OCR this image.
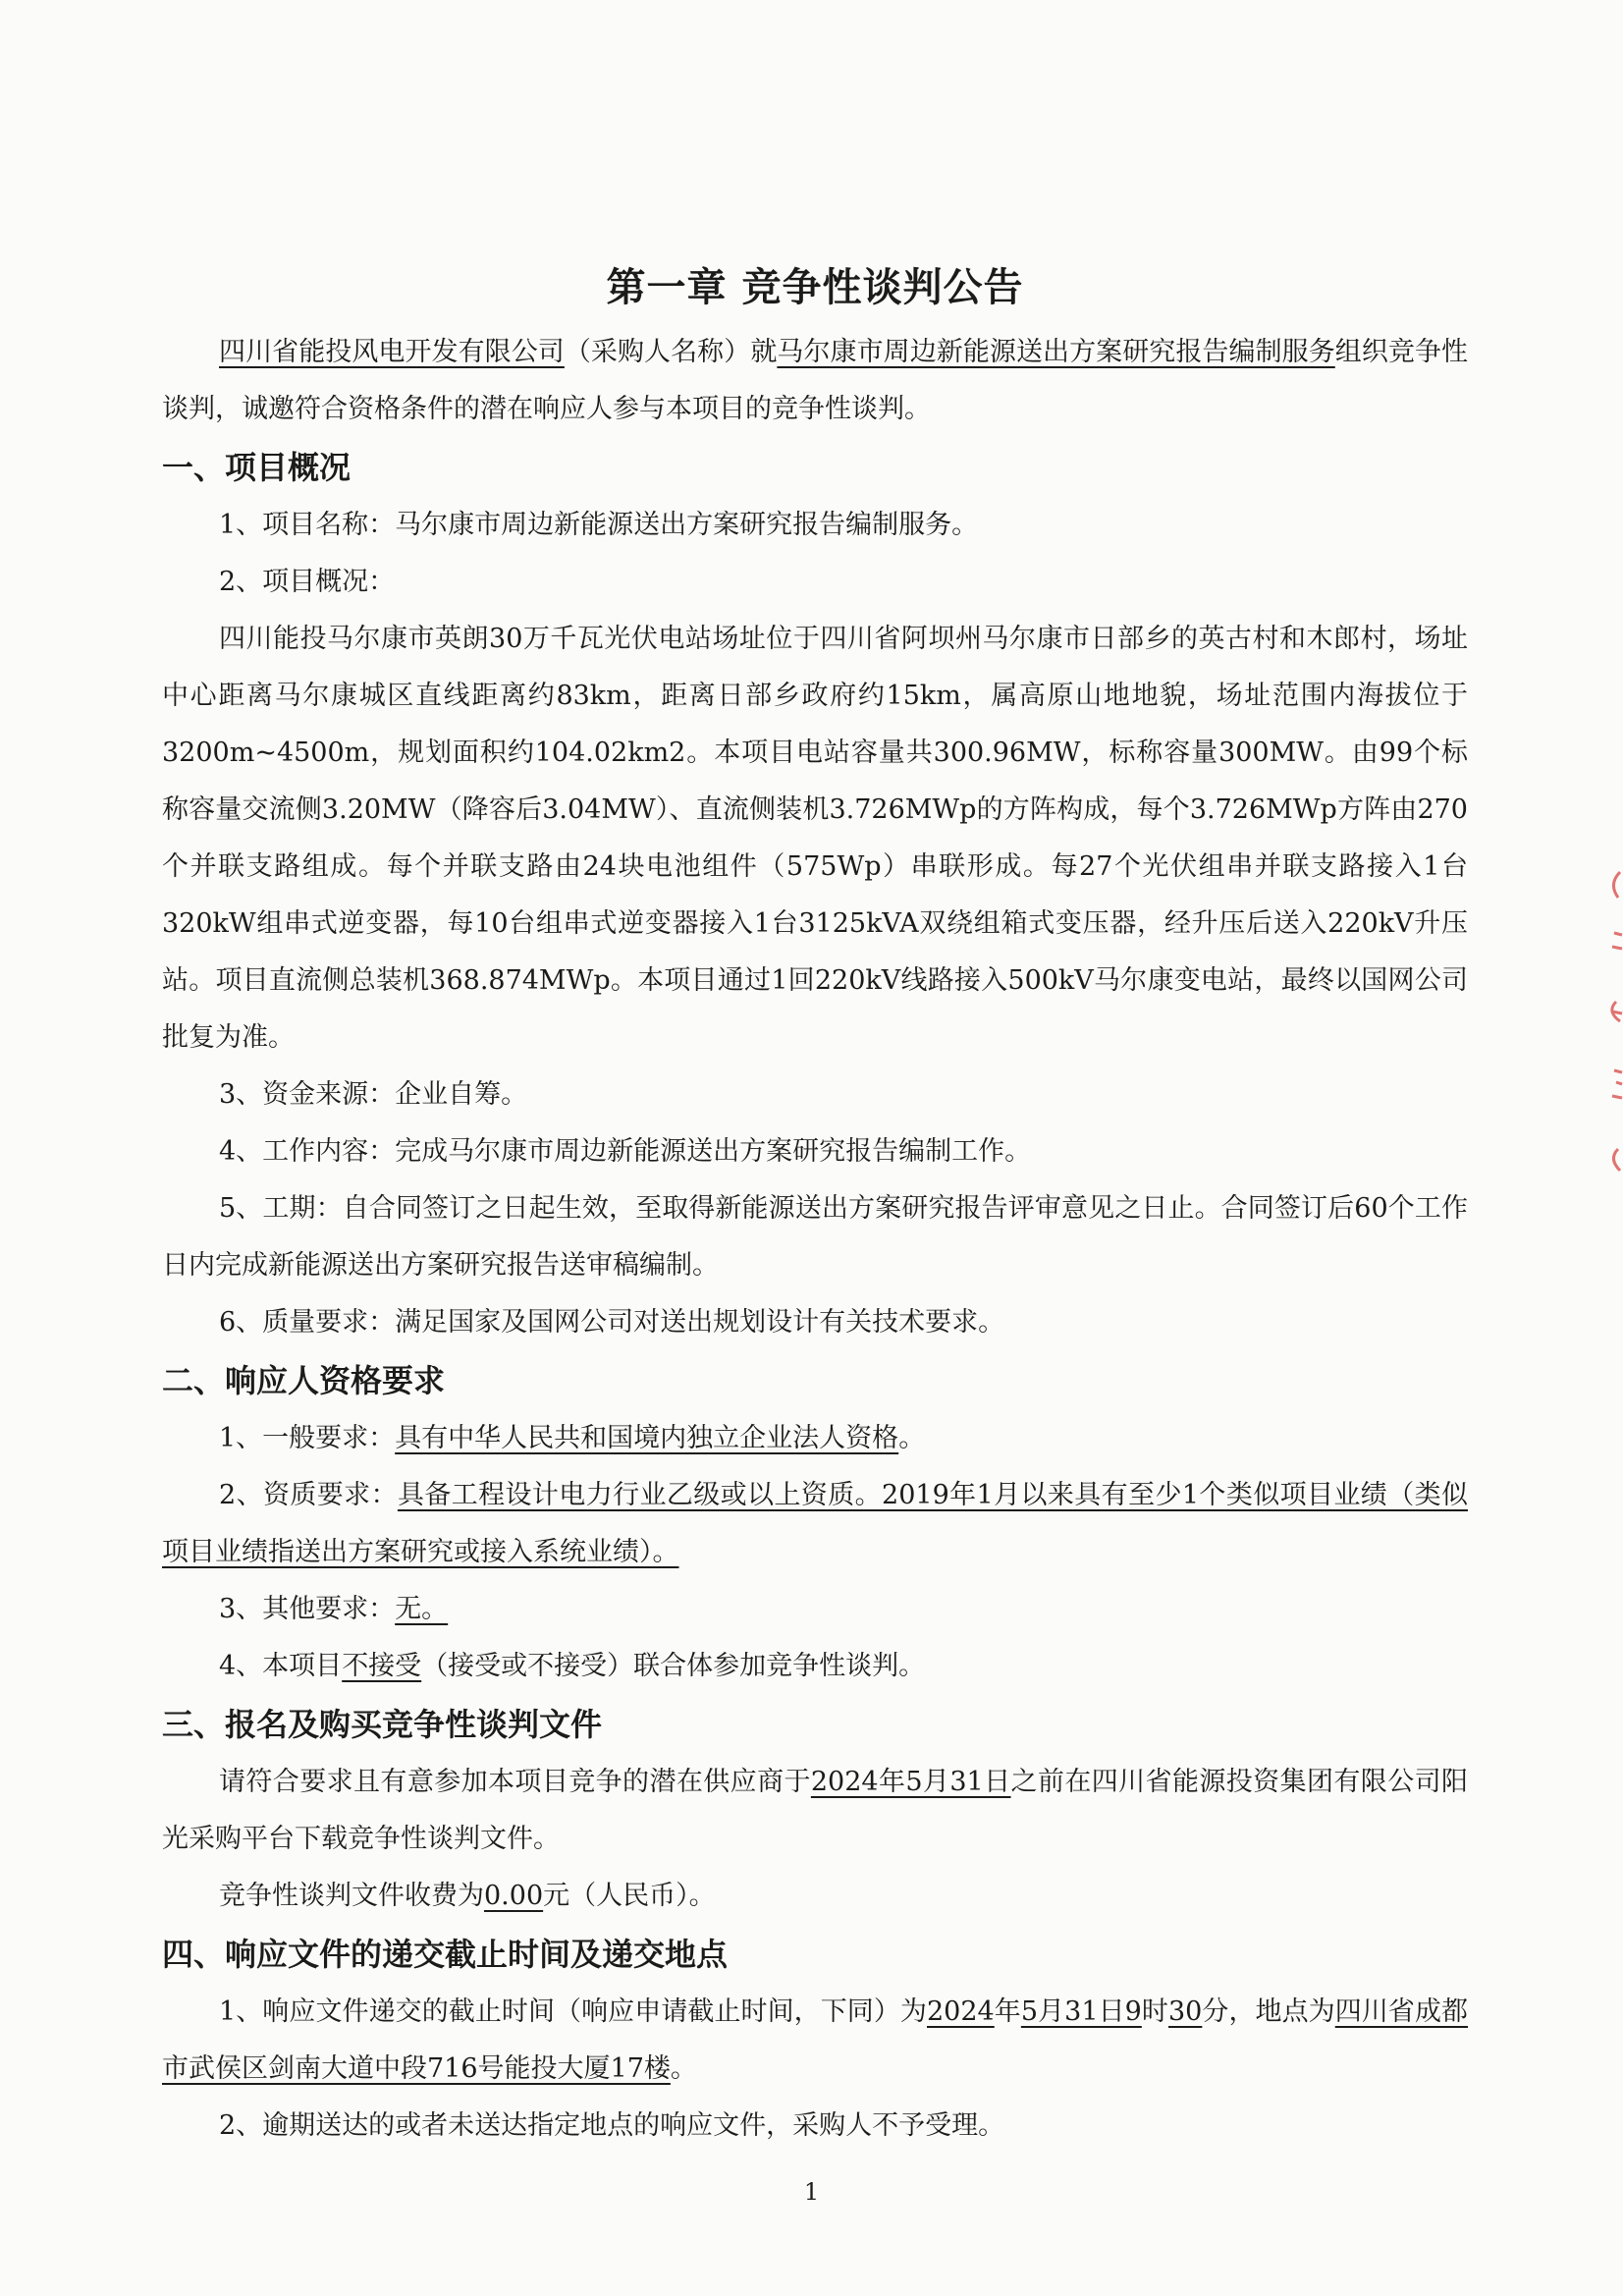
第一章 竞争性谈判公告

四川省能投风电开发有限公司（采购人名称）就马尔康市周边新能源送出方案研究报告编制服务组织竞争性谈判，诚邀符合资格条件的潜在响应人参与本项目的竞争性谈判。

一、项目概况

1、项目名称：马尔康市周边新能源送出方案研究报告编制服务。

2、项目概况：

四川能投马尔康市英朗30万千瓦光伏电站场址位于四川省阿坝州马尔康市日部乡的英古村和木郎村，场址中心距离马尔康城区直线距离约83km，距离日部乡政府约15km，属高原山地地貌，场址范围内海拔位于3200m~4500m，规划面积约104.02km2。本项目电站容量共300.96MW，标称容量300MW。由99个标称容量交流侧3.20MW（降容后3.04MW）、直流侧装机3.726MWp的方阵构成，每个3.726MWp方阵由270个并联支路组成。每个并联支路由24块电池组件（575Wp）串联形成。每27个光伏组串并联支路接入1台320kW组串式逆变器，每10台组串式逆变器接入1台3125kVA双绕组箱式变压器，经升压后送入220kV升压站。项目直流侧总装机368.874MWp。本项目通过1回220kV线路接入500kV马尔康变电站，最终以国网公司批复为准。

3、资金来源：企业自筹。

4、工作内容：完成马尔康市周边新能源送出方案研究报告编制工作。

5、工期：自合同签订之日起生效，至取得新能源送出方案研究报告评审意见之日止。合同签订后60个工作日内完成新能源送出方案研究报告送审稿编制。

6、质量要求：满足国家及国网公司对送出规划设计有关技术要求。

二、响应人资格要求

1、一般要求：具有中华人民共和国境内独立企业法人资格。

2、资质要求：具备工程设计电力行业乙级或以上资质。2019年1月以来具有至少1个类似项目业绩（类似项目业绩指送出方案研究或接入系统业绩）。

3、其他要求：无。

4、本项目不接受（接受或不接受）联合体参加竞争性谈判。

三、报名及购买竞争性谈判文件

请符合要求且有意参加本项目竞争的潜在供应商于2024年5月31日之前在四川省能源投资集团有限公司阳光采购平台下载竞争性谈判文件。

竞争性谈判文件收费为0.00元（人民币）。

四、响应文件的递交截止时间及递交地点

1、响应文件递交的截止时间（响应申请截止时间，下同）为2024年5月31日9时30分，地点为四川省成都市武侯区剑南大道中段716号能投大厦17楼。

2、逾期送达的或者未送达指定地点的响应文件，采购人不予受理。

1
